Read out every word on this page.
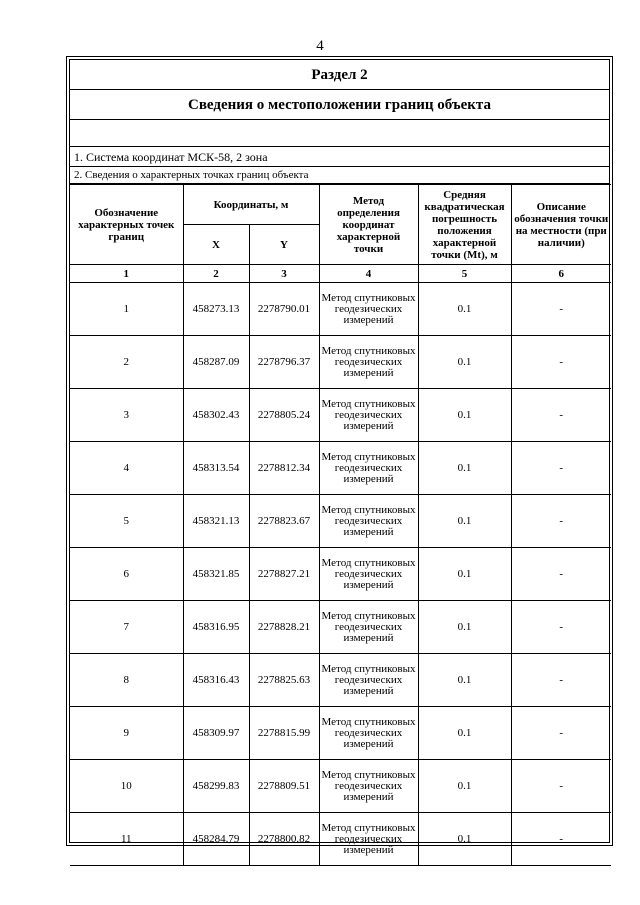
4
Раздел 2
Сведения о местоположении границ объекта
1. Система координат МСК-58, 2 зона
2. Сведения о характерных точках границ объекта
Обозначение характерных точек границ	Координаты, м		Метод определения координат характерной точки	Средняя квадратическая погрешность положения характерной точки (Mt), м	Описание обозначения точки на местности (при наличии)
	X	Y			
1	2	3	4	5	6
1	458273.13	2278790.01	Метод спутниковых геодезических измерений	0.1	-
2	458287.09	2278796.37	Метод спутниковых геодезических измерений	0.1	-
3	458302.43	2278805.24	Метод спутниковых геодезических измерений	0.1	-
4	458313.54	2278812.34	Метод спутниковых геодезических измерений	0.1	-
5	458321.13	2278823.67	Метод спутниковых геодезических измерений	0.1	-
6	458321.85	2278827.21	Метод спутниковых геодезических измерений	0.1	-
7	458316.95	2278828.21	Метод спутниковых геодезических измерений	0.1	-
8	458316.43	2278825.63	Метод спутниковых геодезических измерений	0.1	-
9	458309.97	2278815.99	Метод спутниковых геодезических измерений	0.1	-
10	458299.83	2278809.51	Метод спутниковых геодезических измерений	0.1	-
11	458284.79	2278800.82	Метод спутниковых геодезических измерений	0.1	-
